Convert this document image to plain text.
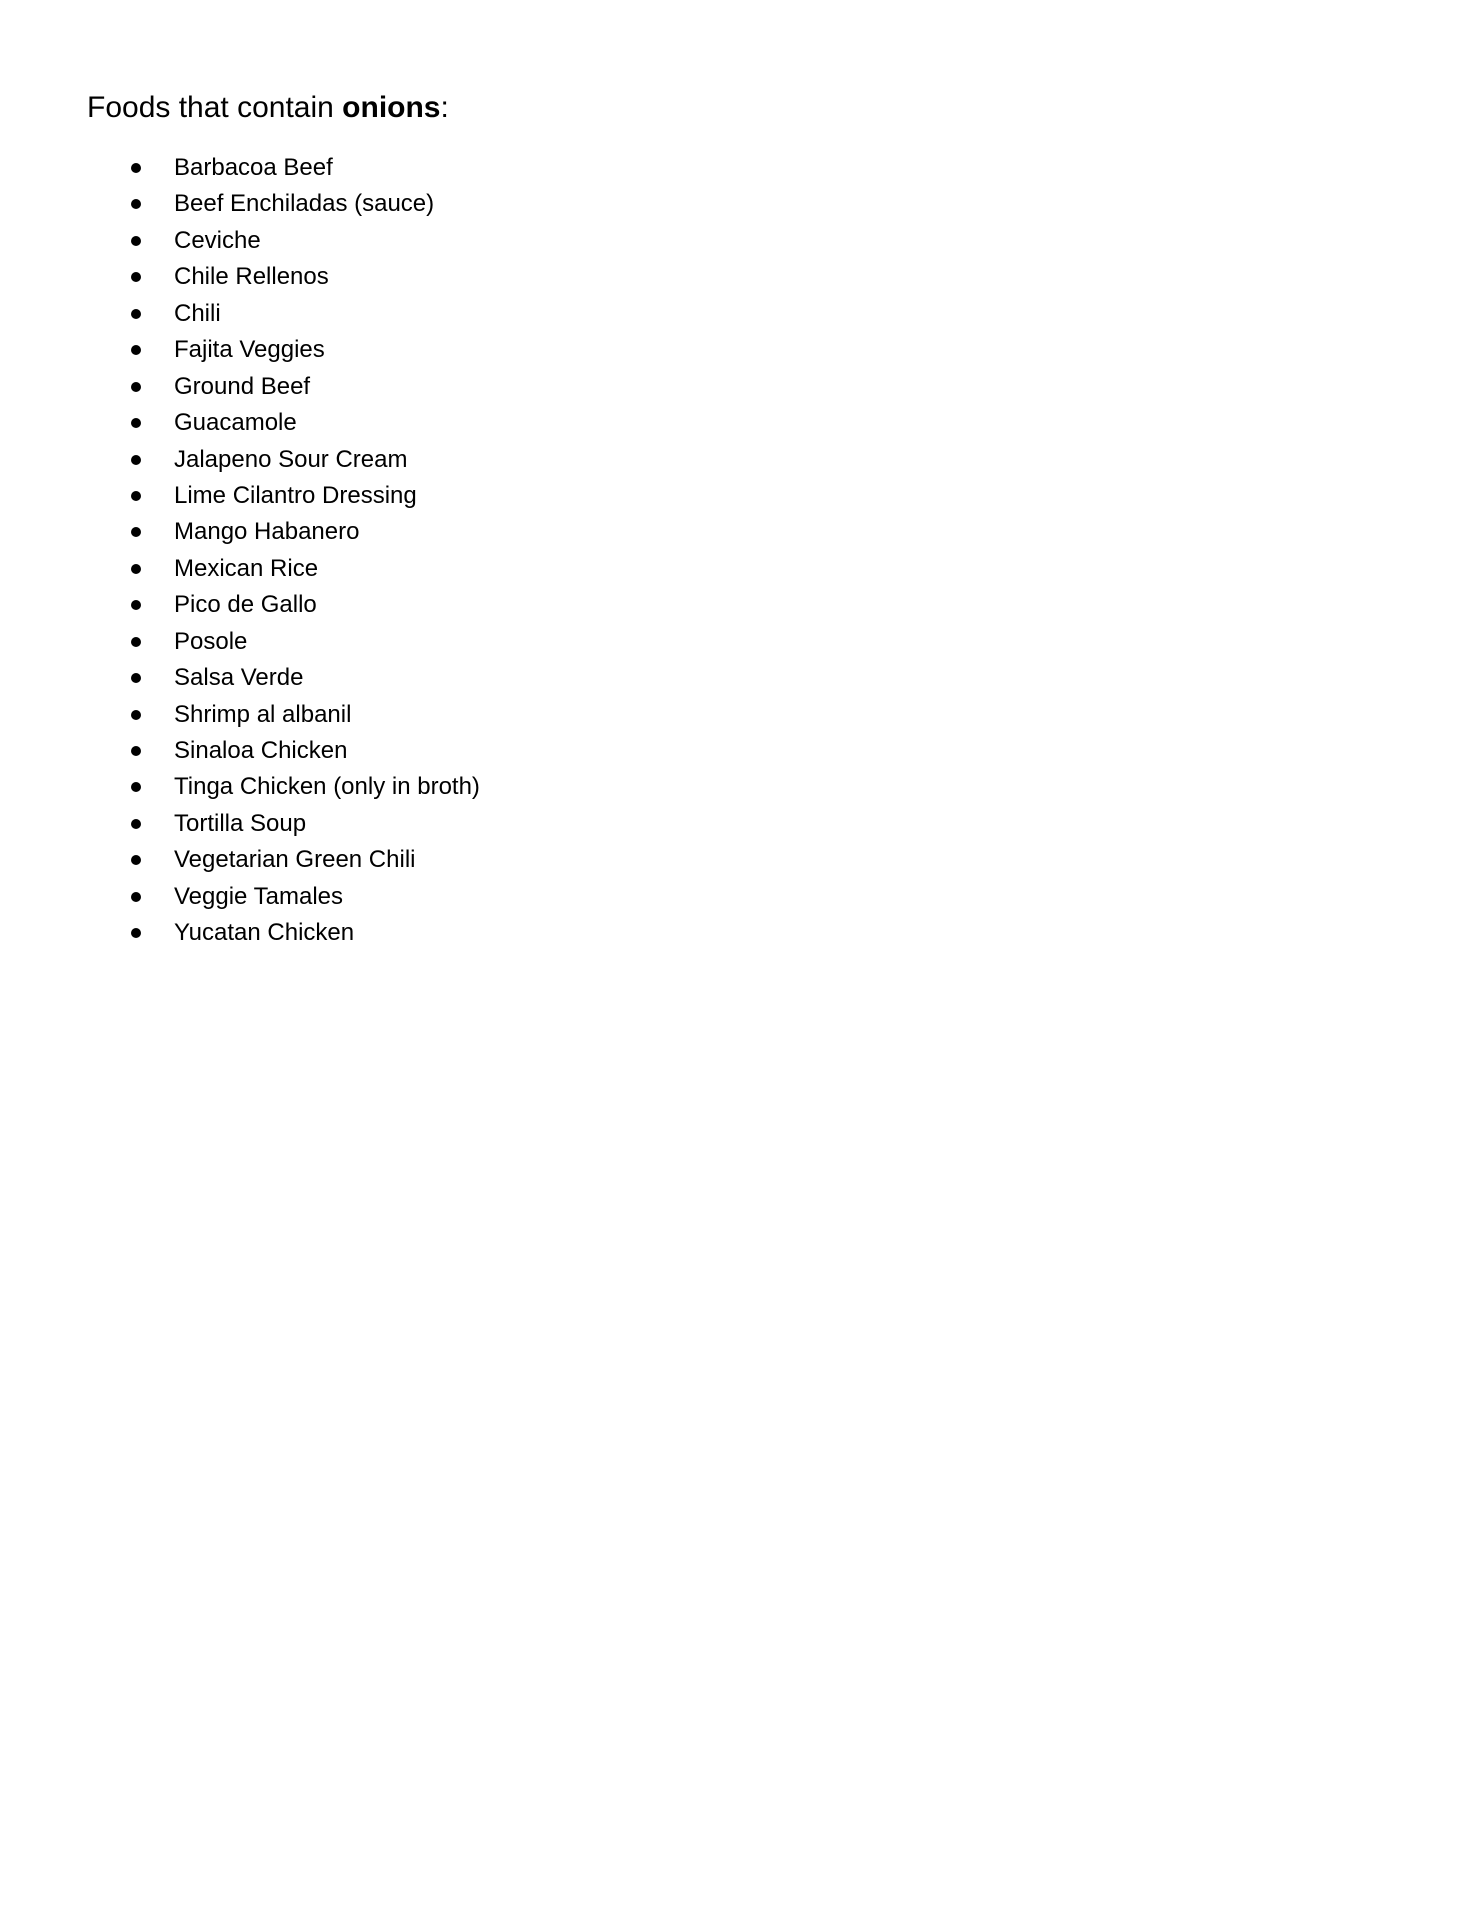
Foods that contain onions:
Barbacoa Beef
Beef Enchiladas (sauce)
Ceviche
Chile Rellenos
Chili
Fajita Veggies
Ground Beef
Guacamole
Jalapeno Sour Cream
Lime Cilantro Dressing
Mango Habanero
Mexican Rice
Pico de Gallo
Posole
Salsa Verde
Shrimp al albanil
Sinaloa Chicken
Tinga Chicken (only in broth)
Tortilla Soup
Vegetarian Green Chili
Veggie Tamales
Yucatan Chicken
